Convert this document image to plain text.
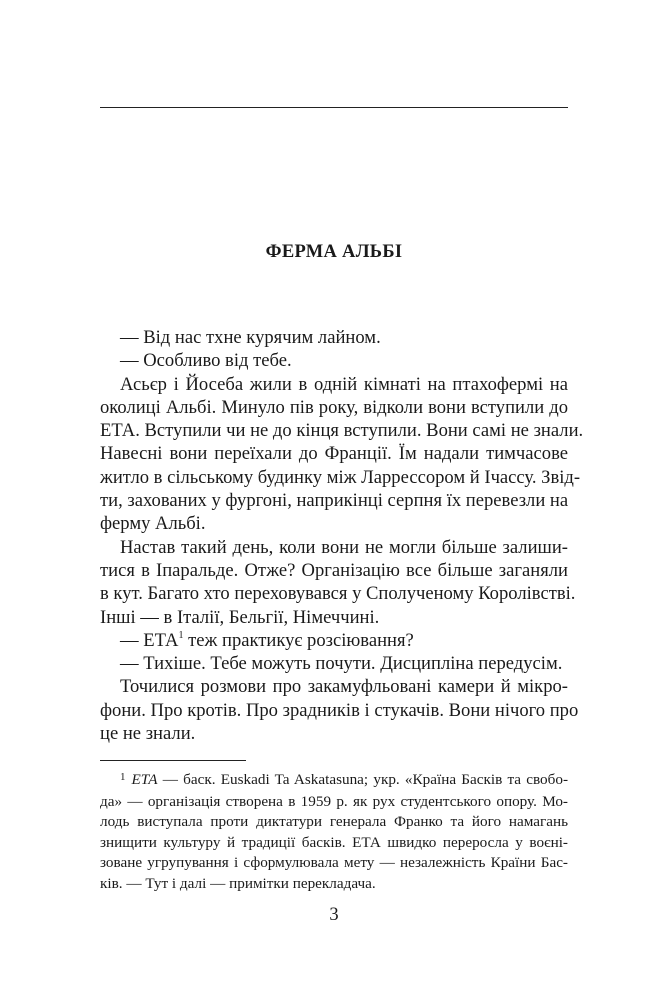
ФЕРМА АЛЬБІ
— Від нас тхне курячим лайном.
— Особливо від тебе.
Асьєр і Йосеба жили в одній кімнаті на птахофермі на
околиці Альбі. Минуло пів року, відколи вони вступили до
ЕТА. Вступили чи не до кінця вступили. Вони самі не знали.
Навесні вони переїхали до Франції. Їм надали тимчасове
житло в сільському будинку між Ларрессором й Ічассу. Звід-
ти, захованих у фургоні, наприкінці серпня їх перевезли на
ферму Альбі.
Настав такий день, коли вони не могли більше залиши-
тися в Іпаральде. Отже? Організацію все більше заганяли
в кут. Багато хто переховувався у Сполученому Королівстві.
Інші — в Італії, Бельгії, Німеччині.
— ЕТА$^1$ теж практикує розсіювання?
— Тихіше. Тебе можуть почути. Дисципліна передусім.
Точилися розмови про закамуфльовані камери й мікро-
фони. Про кротів. Про зрадників і стукачів. Вони нічого про
це не знали.
$^1$ ЕТА — баск. Euskadi Ta Askatasuna; укр. «Країна Басків та свобо-
да» — організація створена в 1959 р. як рух студентського опору. Мо-
лодь виступала проти диктатури генерала Франко та його намагань
знищити культуру й традиції басків. ЕТА швидко переросла у воєні-
зоване угрупування і сформулювала мету — незалежність Країни Бас-
ків. — Тут і далі — примітки перекладача.
3
